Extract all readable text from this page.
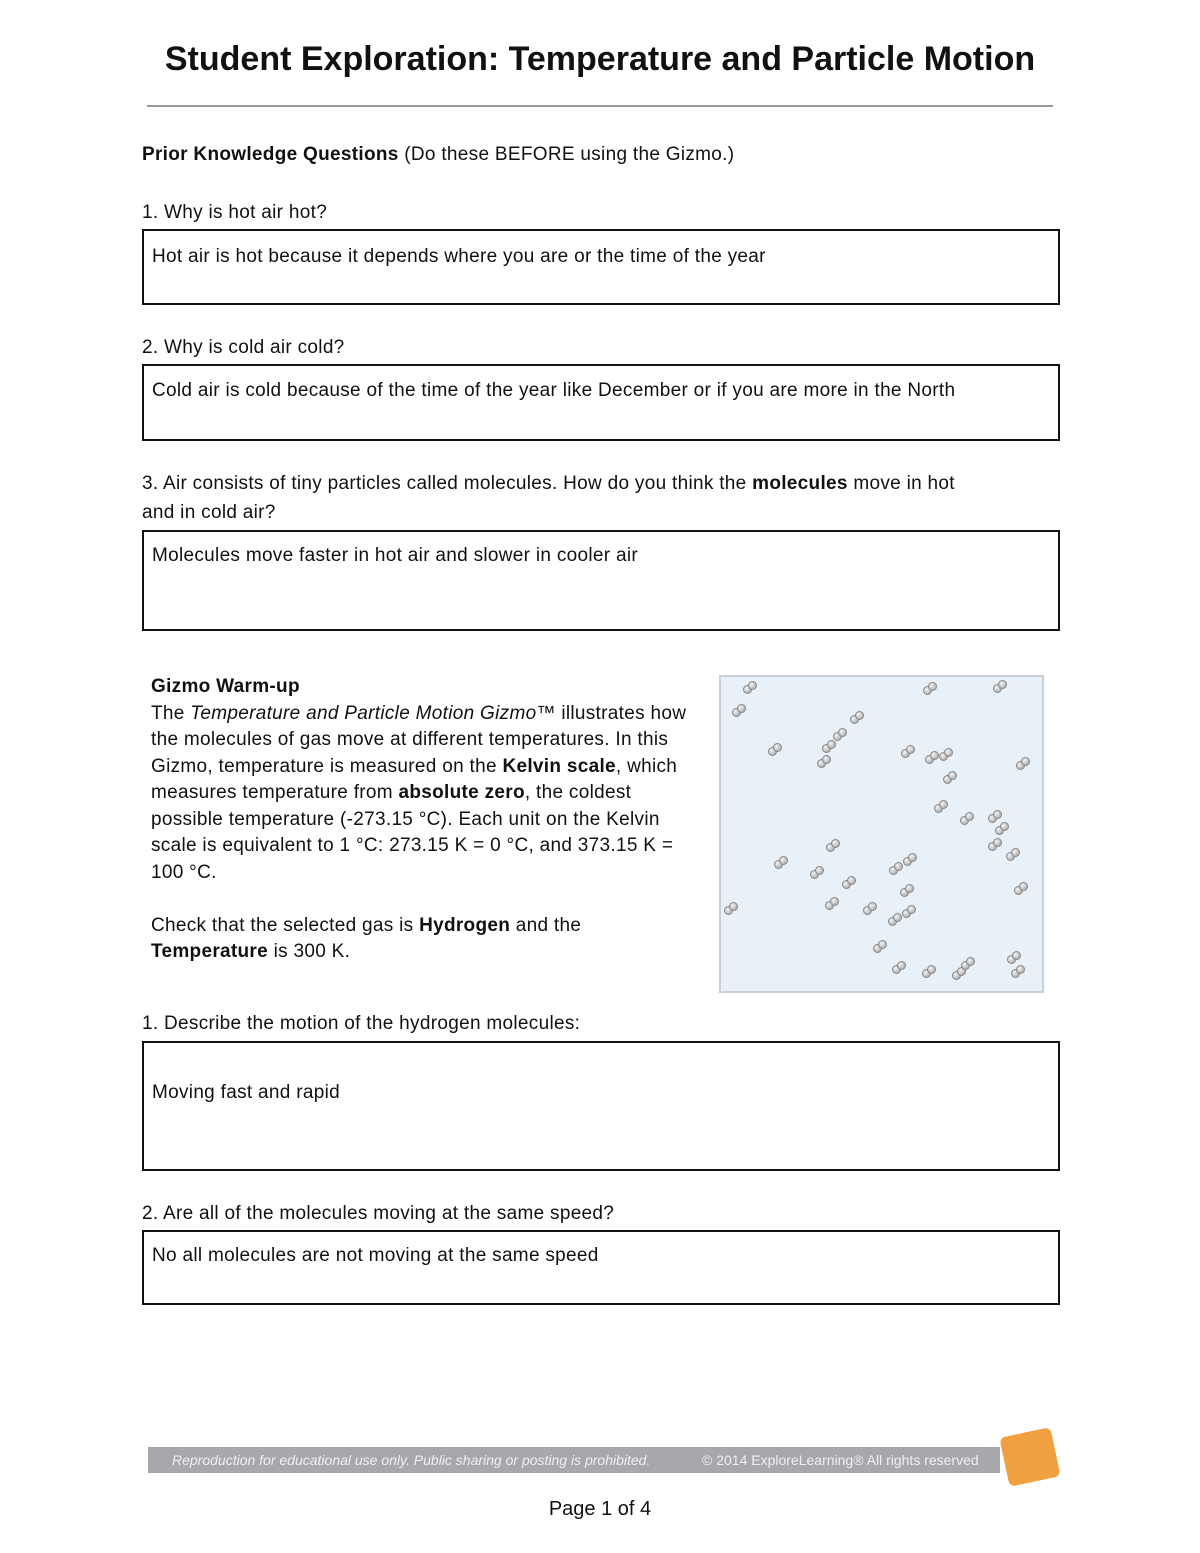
Student Exploration: Temperature and Particle Motion
Prior Knowledge Questions (Do these BEFORE using the Gizmo.)
1. Why is hot air hot?
Hot air is hot because it depends where you are or the time of the year
2. Why is cold air cold?
Cold air is cold because of the time of the year like December or if you are more in the North
3. Air consists of tiny particles called molecules. How do you think the molecules move in hot
and in cold air?
Molecules move faster in hot air and slower in cooler air
Gizmo Warm-up
The Temperature and Particle Motion Gizmo™ illustrates how the molecules of gas move at different temperatures. In this Gizmo, temperature is measured on the Kelvin scale, which measures temperature from absolute zero, the coldest possible temperature (-273.15 °C). Each unit on the Kelvin scale is equivalent to 1 °C: 273.15 K = 0 °C, and 373.15 K = 100 °C.

Check that the selected gas is Hydrogen and the Temperature is 300 K.
1. Describe the motion of the hydrogen molecules:
Moving fast and rapid
2. Are all of the molecules moving at the same speed?
No all molecules are not moving at the same speed
Reproduction for educational use only. Public sharing or posting is prohibited.	© 2014 ExploreLearning® All rights reserved
Page 1 of 4
